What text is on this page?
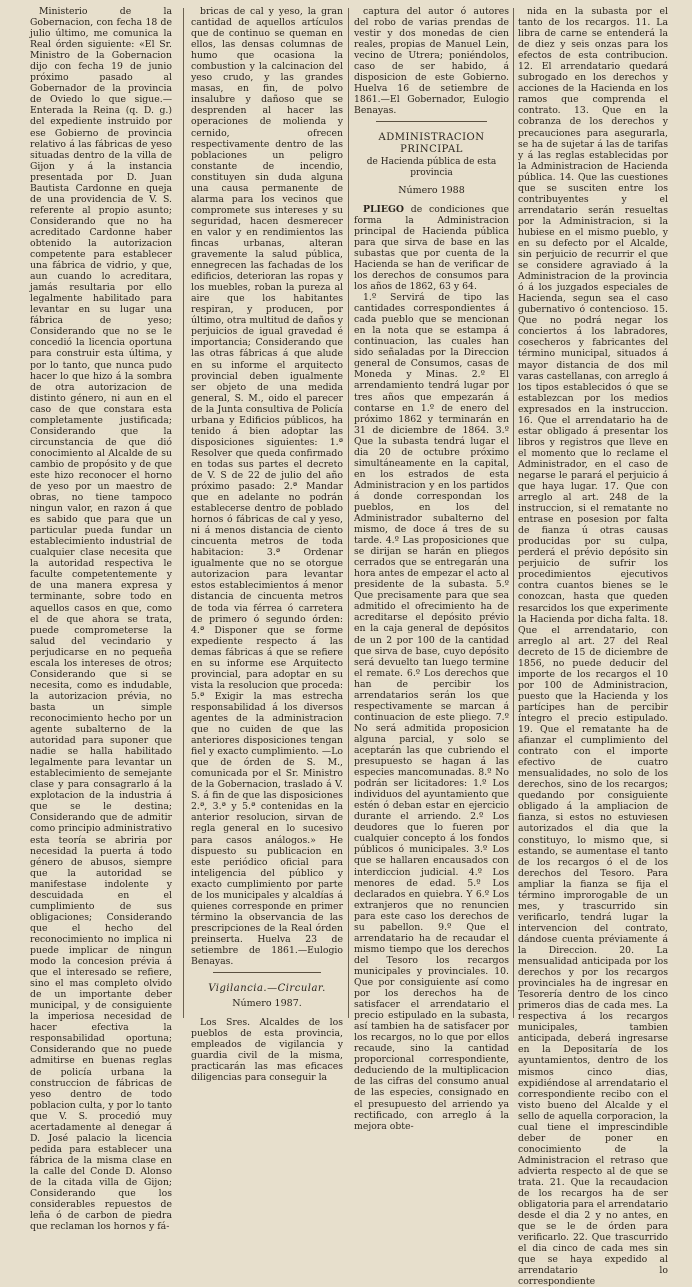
Ministerio de la Gobernacion, con fecha 18 de julio último, me comunica la Real órden siguiente: «El Sr. Ministro de la Gobernacion dijo con fecha 19 de junio próximo pasado al Gobernador de la provincia de Oviedo lo que sigue.—Enterada la Reina (q. D. g.) del expediente instruido por ese Gobierno de provincia relativo á las fábricas de yeso situadas dentro de la villa de Gijon y á la instancia presentada por D. Juan Bautista Cardonne en queja de una providencia de V. S. referente al propio asunto; Considerando que no ha acreditado Cardonne haber obtenido la autorizacion competente para establecer una fábrica de vidrio, y que, aun cuando lo acreditara, jamás resultaria por ello legalmente habilitado para levantar en su lugar una fábrica de yeso; Considerando que no se le concedió la licencia oportuna para construir esta última, y por lo tanto, que nunca pudo hacer lo que hizo á la sombra de otra autorizacion de distinto género, ni aun en el caso de que constara esta completamente justificada; Considerando que la circunstancia de que dió conocimiento al Alcalde de su cambio de propósito y de que este hizo reconocer el horno de yeso por un maestro de obras, no tiene tampoco ningun valor, en razon á que es sabido que para que un particular pueda fundar un establecimiento industrial de cualquier clase necesita que la autoridad respectiva le faculte competentemente y de una manera expresa y terminante, sobre todo en aquellos casos en que, como el de que ahora se trata, puede comprometerse la salud del vecindario y perjudicarse en no pequeña escala los intereses de otros; Considerando que si se necesita, como es indudable, la autorizacion prévia, no basta un simple reconocimiento hecho por un agente subalterno de la autoridad para suponer que nadie se halla habilitado legalmente para levantar un establecimiento de semejante clase y para consagrarlo á la explotacion de la industria á que se le destina; Considerando que de admitir como principio administrativo esta teoría se abriria por necesidad la puerta á todo género de abusos, siempre que la autoridad se manifestase indolente y descuidada en el cumplimiento de sus obligaciones; Considerando que el hecho del reconocimiento no implica ni puede implicar de ningun modo la concesion prévia á que el interesado se refiere, sino el mas completo olvido de un importante deber municipal, y de consiguiente la imperiosa necesidad de hacer efectiva la responsabilidad oportuna; Considerando que no puede admitirse en buenas reglas de policía urbana la construccion de fábricas de yeso dentro de todo poblacion culta, y por lo tanto que V. S. procedió muy acertadamente al denegar á D. José palacio la licencia pedida para establecer una fábrica de la misma clase en la calle del Conde D. Alonso de la citada villa de Gijon; Considerando que los considerables repuestos de leña ó de carbon de piedra que reclaman los hornos y fá-

bricas de cal y yeso, la gran cantidad de aquellos artículos que de continuo se queman en ellos, las densas columnas de humo que ocasiona la combustion y la calcinacion del yeso crudo, y las grandes masas, en fin, de polvo insalubre y dañoso que se desprenden al hacer las operaciones de molienda y cernido, ofrecen respectivamente dentro de las poblaciones un peligro constante de incendio, constituyen sin duda alguna una causa permanente de alarma para los vecinos que compromete sus intereses y su seguridad, hacen desmerecer en valor y en rendimientos las fincas urbanas, alteran gravemente la salud pública, ennegrecen las fachadas de los edificios, deterioran las ropas y los muebles, roban la pureza al aire que los habitantes respiran, y producen, por último, otra multitud de daños y perjuicios de igual gravedad é importancia; Considerando que las otras fábricas á que alude en su informe el arquitecto provincial deben igualmente ser objeto de una medida general, S. M., oido el parecer de la Junta consultiva de Policía urbana y Edificios públicos, ha tenido á bien adoptar las disposiciones siguientes: 1.ª Resolver que queda confirmado en todas sus partes el decreto de V. S de 22 de julio del año próximo pasado: 2.ª Mandar que en adelante no podrán establecerse dentro de poblado hornos ó fábricas de cal y yeso, ni á menos distancia de ciento cincuenta metros de toda habitacion: 3.ª Ordenar igualmente que no se otorgue autorizacion para levantar estos establecimientos á menor distancia de cincuenta metros de toda via férrea ó carretera de primero ó segundo órden: 4.ª Disponer que se forme expediente respecto á las demas fábricas á que se refiere en su informe ese Arquitecto provincial, para adoptar en su vista la resolucion que proceda: 5.ª Exigir la mas estrecha responsabilidad á los diversos agentes de la administracion que no cuiden de que las anteriores disposiciones tengan fiel y exacto cumplimiento. —Lo que de órden de S. M., comunicada por el Sr. Ministro de la Gobernacion, traslado á V. S. á fin de que las disposiciones 2.ª, 3.ª y 5.ª contenidas en la anterior resolucion, sirvan de regla general en lo sucesivo para casos análogos.» He dispuesto su publicacion en este periódico oficial para inteligencia del público y exacto cumplimiento por parte de los municipales y alcaldías á quienes corresponde en primer término la observancia de las prescripciones de la Real órden preinserta. Huelva 23 de setiembre de 1861.—Eulogio Benayas.

Vigilancia.—Circular.
Número 1987.

Los Sres. Alcaldes de los pueblos de esta provincia, empleados de vigilancia y guardia civil de la misma, practicarán las mas eficaces diligencias para conseguir la

captura del autor ó autores del robo de varias prendas de vestir y dos monedas de cien reales, propias de Manuel Lein, vecino de Utrera; poniéndolos, caso de ser habido, á disposicion de este Gobierno. Huelva 16 de setiembre de 1861.—El Gobernador, Eulogio Benayas.

ADMINISTRACION PRINCIPAL
de Hacienda pública de esta provincia
Número 1988

PLIEGO de condiciones que forma la Administracion principal de Hacienda pública para que sirva de base en las subastas que por cuenta de la Hacienda se han de verificar de los derechos de consumos para los años de 1862, 63 y 64.

1.º Servirá de tipo las cantidades correspondientes á cada pueblo que se mencionan en la nota que se estampa á continuacion, las cuales han sido señaladas por la Direccion general de Consumos, casas de Moneda y Minas. 2.º El arrendamiento tendrá lugar por tres años que empezarán á contarse en 1.º de enero del próximo 1862 y terminarán en 31 de diciembre de 1864. 3.º Que la subasta tendrá lugar el dia 20 de octubre próximo simultáneamente en la capital, en los estrados de esta Administracion y en los partidos á donde correspondan los pueblos, en los del Administrador subalterno del mismo, de doce á tres de su tarde. 4.º Las proposiciones que se dirijan se harán en pliegos cerrados que se entregarán una hora antes de empezar el acto al presidente de la subasta. 5.º Que precisamente para que sea admitido el ofrecimiento ha de acreditarse el depósito prévio en la caja general de depósitos de un 2 por 100 de la cantidad que sirva de base, cuyo depósito será devuelto tan luego termine el remate. 6.º Los derechos que han de percibir los arrendatarios serán los que respectivamente se marcan á continuacion de este pliego. 7.º No será admitida proposicion alguna parcial, y solo se aceptarán las que cubriendo el presupuesto se hagan á las especies mancomunadas. 8.º No podrán ser licitadores: 1.º Los individuos del ayuntamiento que estén ó deban estar en ejercicio durante el arriendo. 2.º Los deudores que lo fueren por cualquier concepto á los fondos públicos ó municipales. 3.º Los que se hallaren encausados con interdiccion judicial. 4.º Los menores de edad. 5.º Los declarados en quiebra. Y 6.º Los extranjeros que no renuncien para este caso los derechos de su pabellon. 9.º Que el arrendatario ha de recaudar el mismo tiempo que los derechos del Tesoro los recargos municipales y provinciales. 10. Que por consiguiente así como por los derechos ha de satisfacer el arrendatario el precio estipulado en la subasta, así tambien ha de satisfacer por los recargos, no lo que por ellos recaude, sino la cantidad proporcional correspondiente, deduciendo de la multiplicacion de las cifras del consumo anual de las especies, consignado en el presupuesto del arriendo ya rectificado, con arreglo á la mejora obte-

nida en la subasta por el tanto de los recargos. 11. La libra de carne se entenderá la de diez y seis onzas para los efectos de esta contribucion. 12. El arrendatario quedará subrogado en los derechos y acciones de la Hacienda en los ramos que comprenda el contrato. 13. Que en la cobranza de los derechos y precauciones para asegurarla, se ha de sujetar á las de tarifas y á las reglas establecidas por la Administracion de Hacienda pública. 14. Que las cuestiones que se susciten entre los contribuyentes y el arrendatario serán resueltas por la Administracion, si la hubiese en el mismo pueblo, y en su defecto por el Alcalde, sin perjuicio de recurrir el que se considere agraviado á la Administracion de la provincia ó á los juzgados especiales de Hacienda, segun sea el caso gubernativo ó contencioso. 15. Que no podrá negar los conciertos á los labradores, cosecheros y fabricantes del término municipal, situados á mayor distancia de dos mil varas castellanas, con arreglo á los tipos establecidos ó que se establezcan por los medios expresados en la instruccion. 16. Que el arrendatario ha de estar obligado á presentar los libros y registros que lleve en el momento que lo reclame el Administrador, en el caso de negarse le parará el perjuicio á que haya lugar. 17. Que con arreglo al art. 248 de la instruccion, si el rematante no entrase en posesion por falta de fianza ú otras causas producidas por su culpa, perderá el prévio depósito sin perjuicio de sufrir los procedimientos ejecutivos contra cuantos bienes se le conozcan, hasta que queden resarcidos los que experimente la Hacienda por dicha falta. 18. Que el arrendatario, con arreglo al art. 27 del Real decreto de 15 de diciembre de 1856, no puede deducir del importe de los recargos el 10 por 100 de Administracion, puesto que la Hacienda y los partícipes han de percibir íntegro el precio estipulado. 19. Que el rematante ha de afianzar el cumplimiento del contrato con el importe efectivo de cuatro mensualidades, no solo de los derechos, sino de los recargos; quedando por consiguiente obligado á la ampliacion de fianza, si estos no estuviesen autorizados el dia que la constituyo, lo mismo que, si estando, se aumentase el tanto de los recargos ó el de los derechos del Tesoro. Para ampliar la fianza se fija el término improrogable de un mes, y trascurrido sin verificarlo, tendrá lugar la intervencion del contrato, dándose cuenta préviamente á la Direccion. 20. La mensualidad anticipada por los derechos y por los recargos provinciales ha de ingresar en Tesorería dentro de los cinco primeros dias de cada mes. La respectiva á los recargos municipales, tambien anticipada, deberá ingresarse en la Depositaría de los ayuntamientos, dentro de los mismos cinco dias, expidiéndose al arrendatario el correspondiente recibo con el visto bueno del Alcalde y el sello de aquella corporacion, la cual tiene el imprescindible deber de poner en conocimiento de la Administracion el retraso que advierta respecto al de que se trata. 21. Que la recaudacion de los recargos ha de ser obligatoria para el arrendatario desde el dia 2 y no antes, en que se le de órden para verificarlo. 22. Que trascurrido el dia cinco de cada mes sin que se haya expedido al arrendatario lo correspondiente
